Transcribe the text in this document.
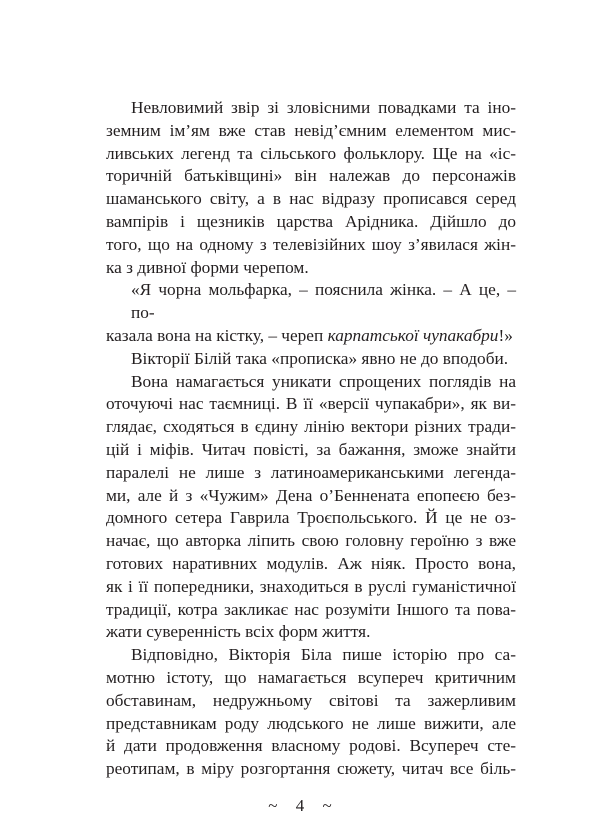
Невловимий звір зі зловісними повадками та іно-
земним ім’ям вже став невід’ємним елементом мис-
ливських легенд та сільського фольклору. Ще на «іс-
торичній батьківщині» він належав до персонажів
шаманського світу, а в нас відразу прописався серед
вампірів і щезників царства Арідника. Дійшло до
того, що на одному з телевізійних шоу з’явилася жін-
ка з дивної форми черепом.
«Я чорна мольфарка, – пояснила жінка. – А це, – по-
казала вона на кістку, – череп карпатської чупакабри!»
Вікторії Білій така «прописка» явно не до вподоби.
Вона намагається уникати спрощених поглядів на
оточуючі нас таємниці. В її «версії чупакабри», як ви-
глядає, сходяться в єдину лінію вектори різних тради-
цій і міфів. Читач повісті, за бажання, зможе знайти
паралелі не лише з латиноамериканськими легенда-
ми, але й з «Чужим» Дена о’Беннената епопеєю без-
домного сетера Гаврила Троєпольського. Й це не оз-
начає, що авторка ліпить свою головну героїню з вже
готових наративних модулів. Аж ніяк. Просто вона,
як і її попередники, знаходиться в руслі гуманістичної
традиції, котра закликає нас розуміти Іншого та пова-
жати суверенність всіх форм життя.
Відповідно, Вікторія Біла пише історію про са-
мотню істоту, що намагається всупереч критичним
обставинам, недружньому світові та зажерливим
представникам роду людського не лише вижити, але
й дати продовження власному родові. Всупереч сте-
реотипам, в міру розгортання сюжету, читач все біль-
~ 4 ~
